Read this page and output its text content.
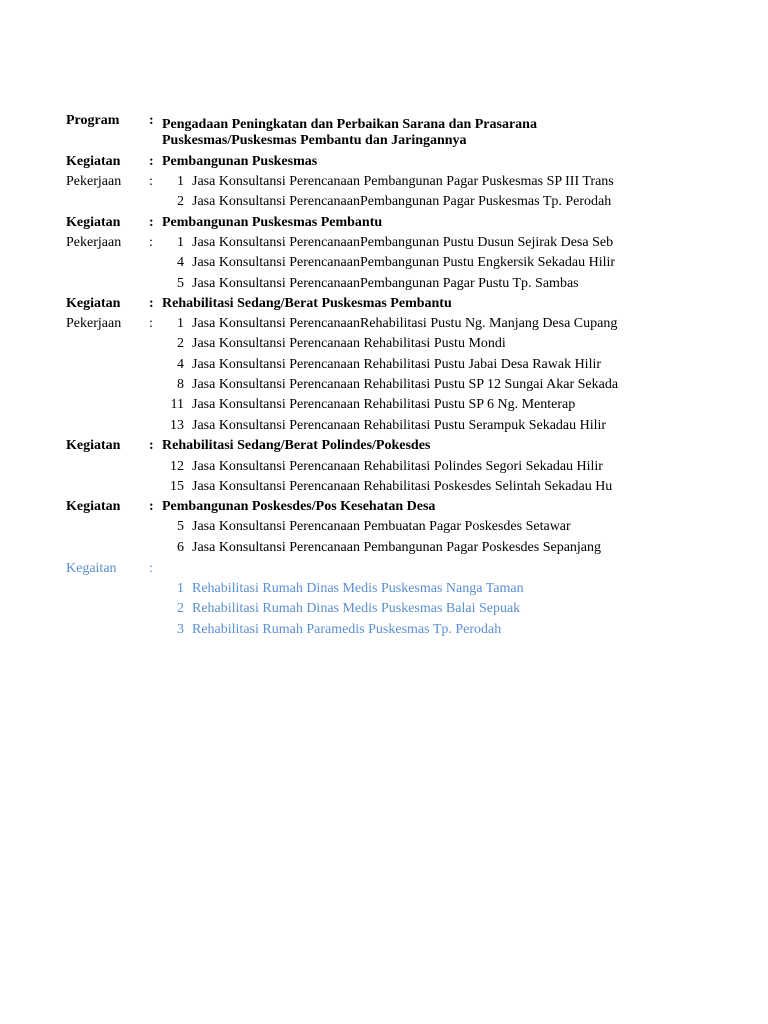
Program	: Pengadaan Peningkatan dan Perbaikan Sarana dan Prasarana
Puskesmas/Puskesmas Pembantu dan Jaringannya
Kegiatan	: Pembangunan Puskesmas
Pekerjaan	:	1 Jasa Konsultansi Perencanaan Pembangunan Pagar Puskesmas SP III Trans
2 Jasa Konsultansi PerencanaanPembangunan Pagar Puskesmas Tp. Perodah
Kegiatan	: Pembangunan Puskesmas Pembantu
Pekerjaan	:	1 Jasa Konsultansi PerencanaanPembangunan Pustu Dusun Sejirak Desa Seb
4 Jasa Konsultansi PerencanaanPembangunan Pustu Engkersik Sekadau Hilir
5 Jasa Konsultansi PerencanaanPembangunan Pagar Pustu Tp. Sambas
Kegiatan	: Rehabilitasi Sedang/Berat Puskesmas Pembantu
Pekerjaan	:	1 Jasa Konsultansi PerencanaanRehabilitasi Pustu Ng. Manjang Desa Cupang
2 Jasa Konsultansi Perencanaan Rehabilitasi Pustu Mondi
4 Jasa Konsultansi Perencanaan Rehabilitasi Pustu Jabai Desa Rawak Hilir
8 Jasa Konsultansi Perencanaan Rehabilitasi Pustu SP 12 Sungai Akar Sekada
11 Jasa Konsultansi Perencanaan Rehabilitasi Pustu SP 6 Ng. Menterap
13 Jasa Konsultansi Perencanaan Rehabilitasi Pustu Serampuk Sekadau Hilir
Kegiatan	: Rehabilitasi Sedang/Berat Polindes/Pokesdes
12 Jasa Konsultansi Perencanaan Rehabilitasi Polindes Segori Sekadau Hilir
15 Jasa Konsultansi Perencanaan Rehabilitasi Poskesdes Selintah Sekadau Hu
Kegiatan	: Pembangunan Poskesdes/Pos Kesehatan Desa
5 Jasa Konsultansi Perencanaan Pembuatan Pagar Poskesdes Setawar
6 Jasa Konsultansi Perencanaan Pembangunan Pagar Poskesdes Sepanjang
Kegaitan	:
1 Rehabilitasi Rumah Dinas Medis Puskesmas Nanga Taman
2 Rehabilitasi Rumah Dinas Medis Puskesmas Balai Sepuak
3 Rehabilitasi Rumah Paramedis Puskesmas Tp. Perodah
